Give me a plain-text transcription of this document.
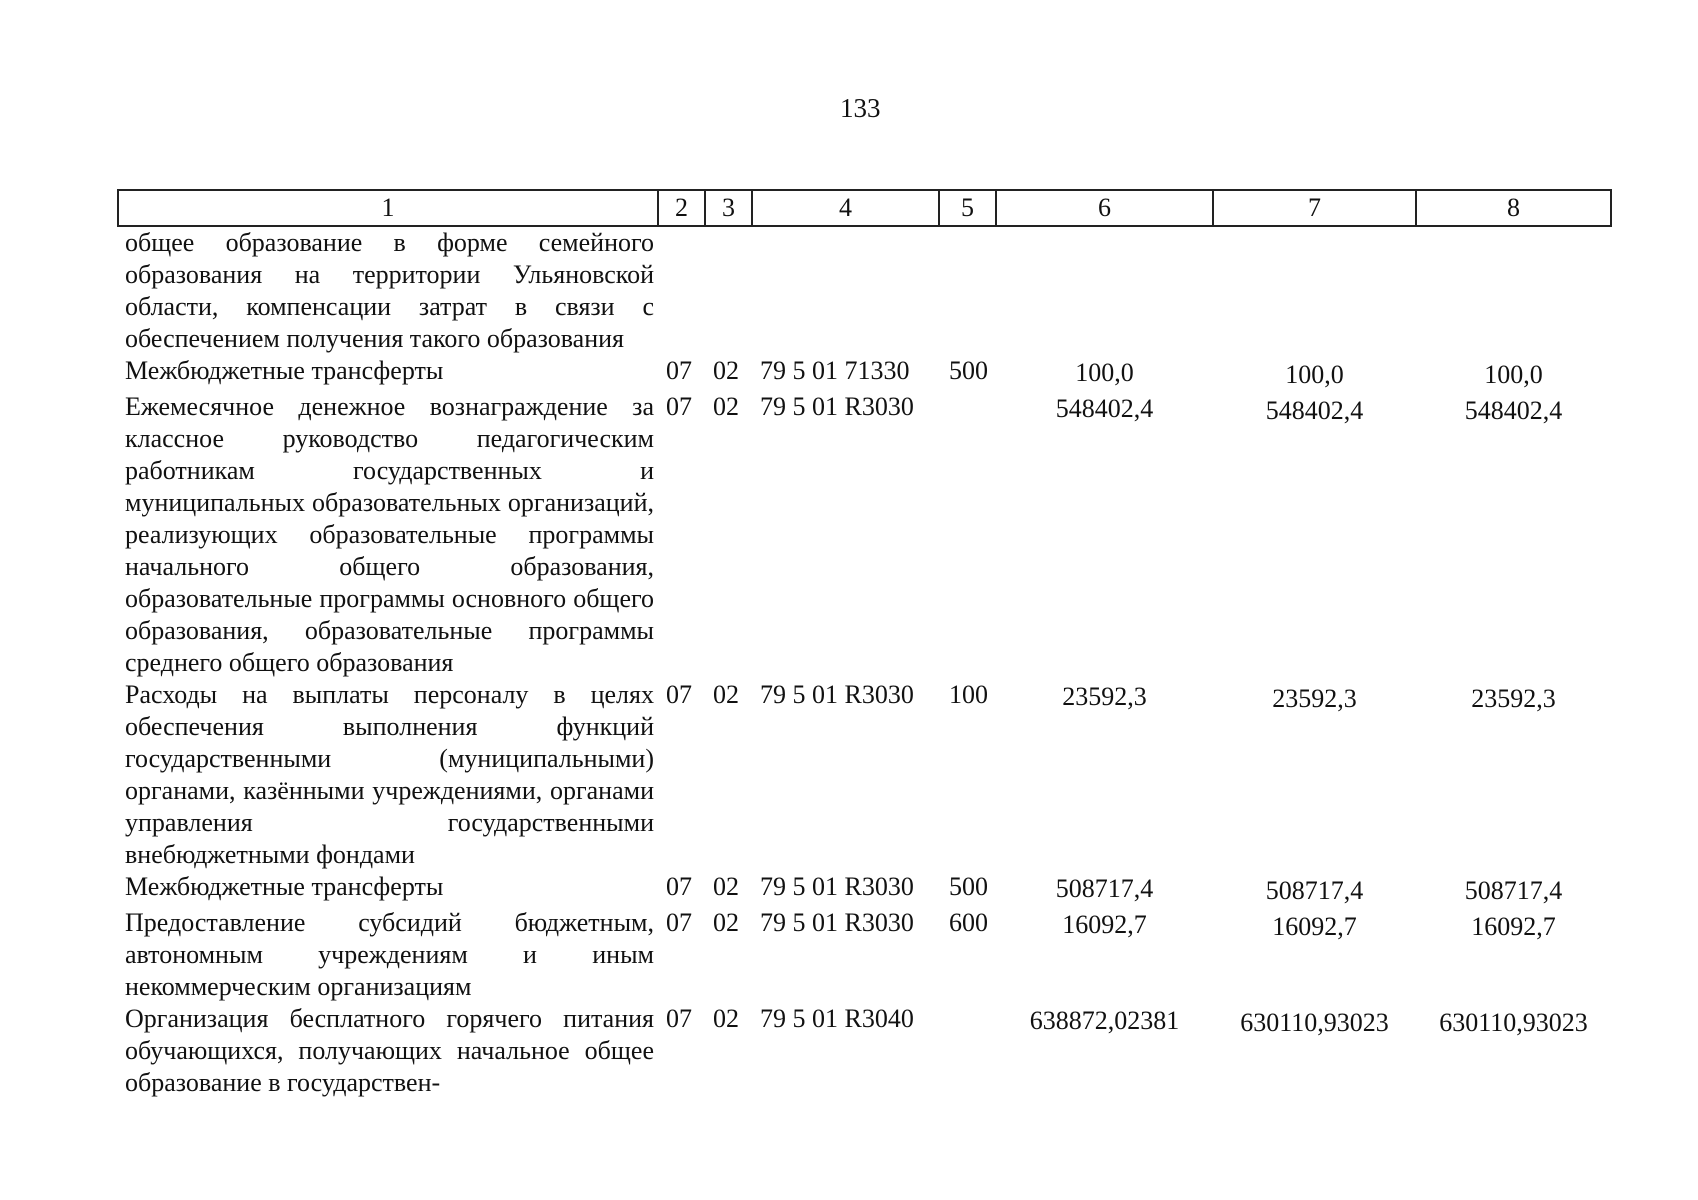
133
1	2	3	4	5	6	7	8
общее образование в форме семейного образования на территории Ульяновской области, компенсации затрат в связи с обеспечением получения такого образования							
Межбюджетные трансферты	07	02	79 5 01 71330	500	100,0	100,0	100,0
Ежемесячное денежное вознаграждение за классное руководство педагогическим работникам государственных и муниципальных образовательных организаций, реализующих образовательные программы начального общего образования, образовательные программы основного общего образования, образовательные программы среднего общего образования	07	02	79 5 01 R3030		548402,4	548402,4	548402,4
Расходы на выплаты персоналу в целях обеспечения выполнения функций государственными (муниципальными) органами, казёнными учреждениями, органами управления государственными внебюджетными фондами	07	02	79 5 01 R3030	100	23592,3	23592,3	23592,3
Межбюджетные трансферты	07	02	79 5 01 R3030	500	508717,4	508717,4	508717,4
Предоставление субсидий бюджетным, автономным учреждениям и иным некоммерческим организациям	07	02	79 5 01 R3030	600	16092,7	16092,7	16092,7
Организация бесплатного горячего питания обучающихся, получающих начальное общее образование в государствен-	07	02	79 5 01 R3040		638872,02381	630110,93023	630110,93023
